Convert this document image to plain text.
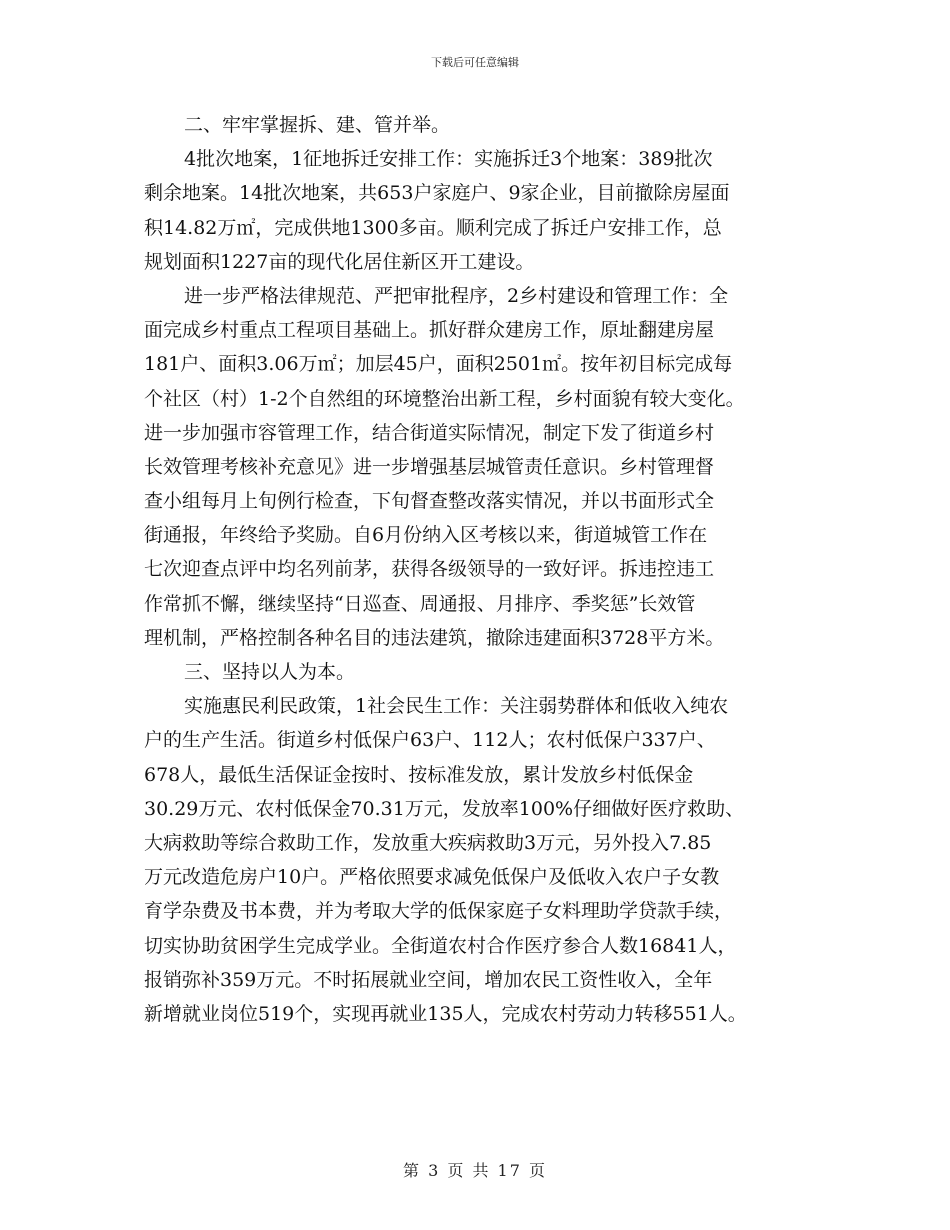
下载后可任意编辑
二、牢牢掌握拆、建、管并举。
4批次地案，1征地拆迁安排工作：实施拆迁3个地案：389批次
剩余地案。14批次地案，共653户家庭户、9家企业，目前撤除房屋面
积14.82万㎡，完成供地1300多亩。顺利完成了拆迁户安排工作，总
规划面积1227亩的现代化居住新区开工建设。
进一步严格法律规范、严把审批程序，2乡村建设和管理工作：全
面完成乡村重点工程项目基础上。抓好群众建房工作，原址翻建房屋
181户、面积3.06万㎡；加层45户，面积2501㎡。按年初目标完成每
个社区（村）1-2个自然组的环境整治出新工程，乡村面貌有较大变化。
进一步加强市容管理工作，结合街道实际情况，制定下发了街道乡村
长效管理考核补充意见》进一步增强基层城管责任意识。乡村管理督
查小组每月上旬例行检查，下旬督查整改落实情况，并以书面形式全
街通报，年终给予奖励。自6月份纳入区考核以来，街道城管工作在
七次迎查点评中均名列前茅，获得各级领导的一致好评。拆违控违工
作常抓不懈，继续坚持“日巡查、周通报、月排序、季奖惩”长效管
理机制，严格控制各种名目的违法建筑，撤除违建面积3728平方米。
三、坚持以人为本。
实施惠民利民政策，1社会民生工作：关注弱势群体和低收入纯农
户的生产生活。街道乡村低保户63户、112人；农村低保户337户、
678人，最低生活保证金按时、按标准发放，累计发放乡村低保金
30.29万元、农村低保金70.31万元，发放率100%仔细做好医疗救助、
大病救助等综合救助工作，发放重大疾病救助3万元，另外投入7.85
万元改造危房户10户。严格依照要求减免低保户及低收入农户子女教
育学杂费及书本费，并为考取大学的低保家庭子女料理助学贷款手续，
切实协助贫困学生完成学业。全街道农村合作医疗参合人数16841人，
报销弥补359万元。不时拓展就业空间，增加农民工资性收入，全年
新增就业岗位519个，实现再就业135人，完成农村劳动力转移551人。
第 3 页 共 17 页
